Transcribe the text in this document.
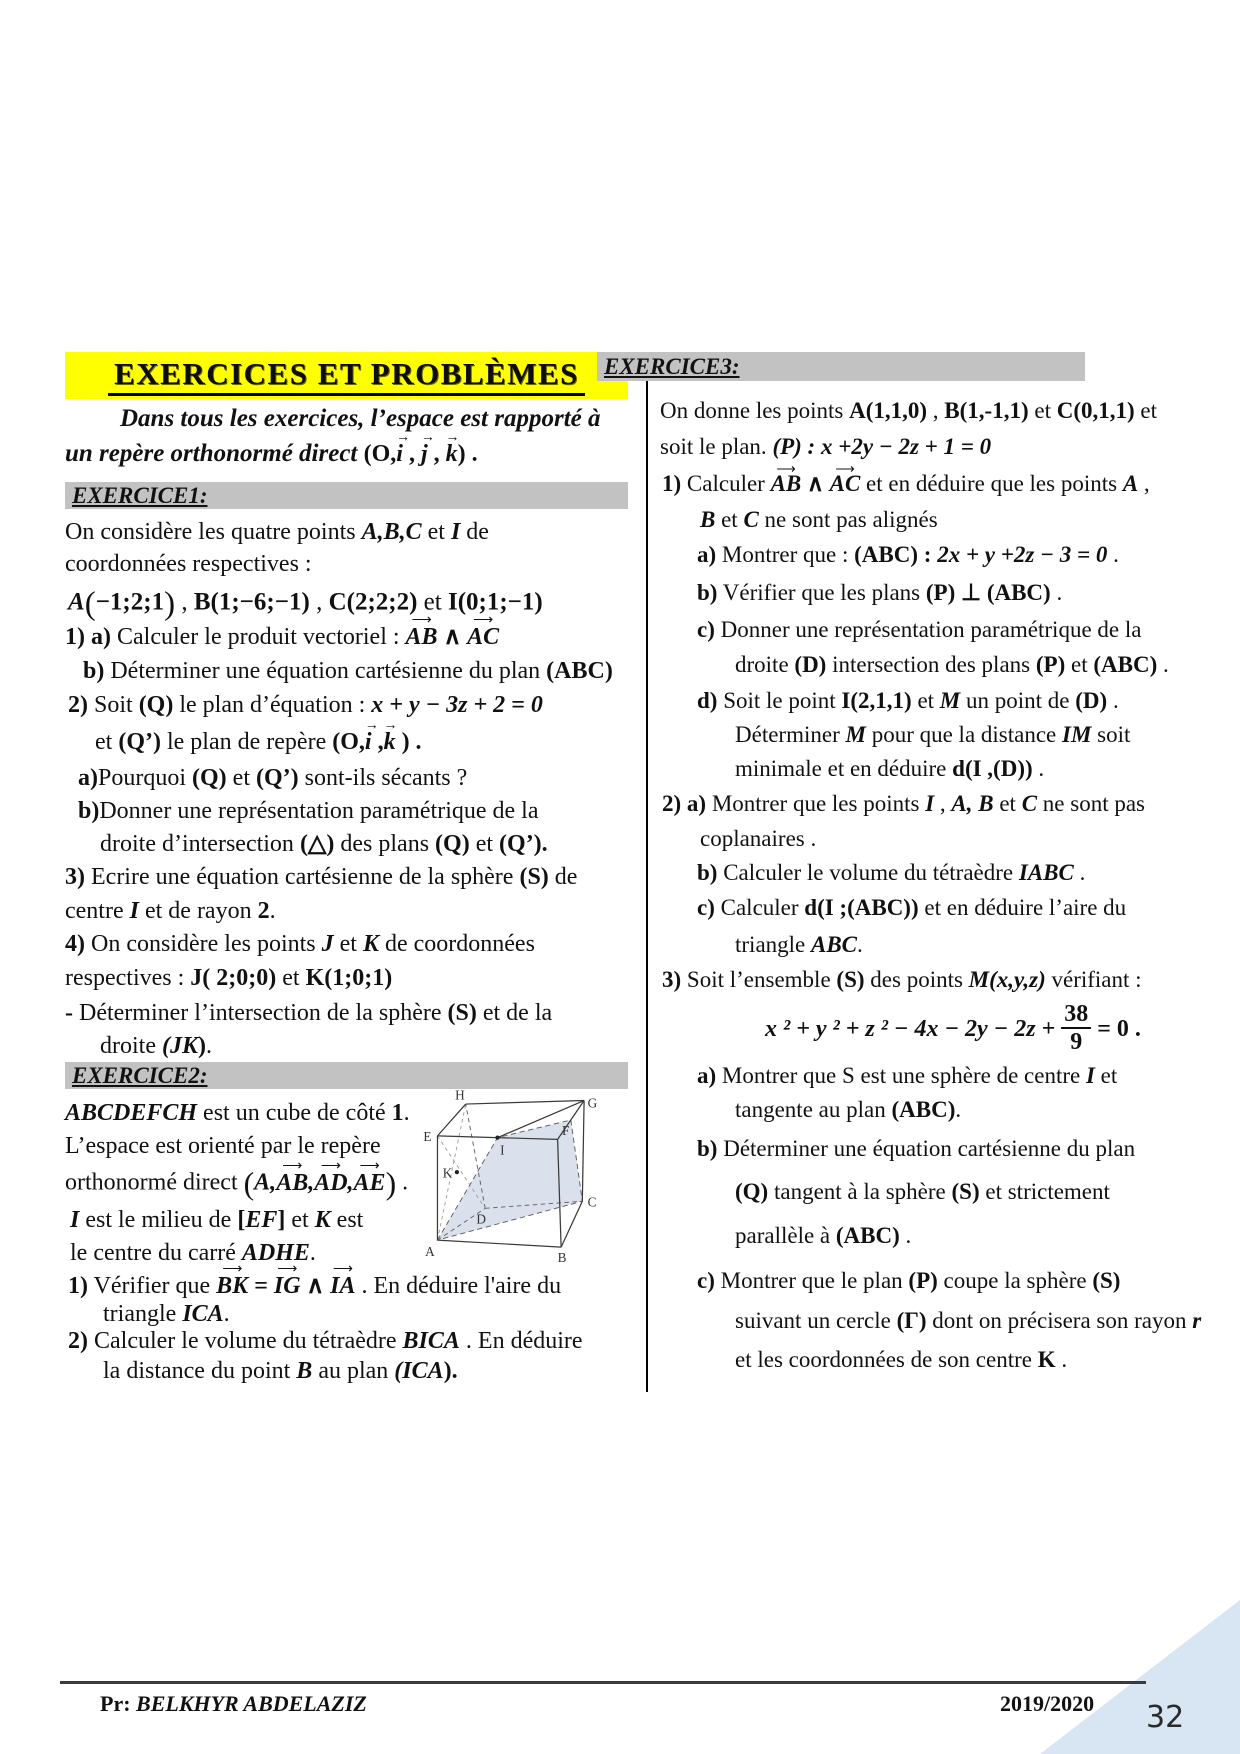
EXERCICES ET PROBLÈMES
Dans tous les exercices, l’espace est rapporté à
un repère orthonormé direct (O,i → , j → , k →) .
EXERCICE1:
On considère les quatre points A,B,C et I de
coordonnées respectives :
A(−1;2;1) , B(1;−6;−1) , C(2;2;2) et I(0;1;−1)
1) a) Calculer le produit vectoriel : AB ⟶ ∧ AC ⟶
b) Déterminer une équation cartésienne du plan (ABC)
2) Soit (Q) le plan d’équation : x + y − 3z + 2 = 0
et (Q’) le plan de repère (O,i → ,k → ) .
a)Pourquoi (Q) et (Q’) sont-ils sécants ?
b)Donner une représentation paramétrique de la
droite d’intersection (△) des plans (Q) et (Q’).
3) Ecrire une équation cartésienne de la sphère (S) de
centre I et de rayon 2.
4) On considère les points J et K de coordonnées
respectives : J( 2;0;0) et K(1;0;1)
- Déterminer l’intersection de la sphère (S) et de la
droite (JK).
EXERCICE2:
ABCDEFCH est un cube de côté 1.
L’espace est orienté par le repère
orthonormé direct (A,AB ⟶,AD ⟶,AE ⟶) .
I est le milieu de [EF] et K est
le centre du carré ADHE.
1) Vérifier que BK ⟶ = IG ⟶ ∧ IA ⟶ . En déduire l'aire du
triangle ICA.
2) Calculer le volume du tétraèdre BICA . En déduire
la distance du point B au plan (ICA).
A	B
C
D
E	F
G
H
I
K
EXERCICE3:
On donne les points A(1,1,0) , B(1,-1,1) et C(0,1,1) et
soit le plan. (P) : x +2y − 2z + 1 = 0
1) Calculer AB ⟶ ∧ AC ⟶ et en déduire que les points A ,
B et C ne sont pas alignés
a) Montrer que : (ABC) : 2x + y +2z − 3 = 0 .
b) Vérifier que les plans (P) ⊥ (ABC) .
c) Donner une représentation paramétrique de la
droite (D) intersection des plans (P) et (ABC) .
d) Soit le point I(2,1,1) et M un point de (D) .
Déterminer M pour que la distance IM soit
minimale et en déduire d(I ,(D)) .
2) a) Montrer que les points I , A, B et C ne sont pas
coplanaires .
b) Calculer le volume du tétraèdre IABC .
c) Calculer d(I ;(ABC)) et en déduire l’aire du
triangle ABC.
3) Soit l’ensemble (S) des points M(x,y,z) vérifiant :
x ² + y ² + z $^2 - 4x - 2y - 2z + \frac{38}{9} = 0$ .
a) Montrer que S est une sphère de centre I et
tangente au plan (ABC).
b) Déterminer une équation cartésienne du plan
(Q) tangent à la sphère (S) et strictement
parallèle à (ABC) .
c) Montrer que le plan (P) coupe la sphère (S)
suivant un cercle (Γ) dont on précisera son rayon r
et les coordonnées de son centre K .
Pr: BELKHYR ABDELAZIZ	2019/2020 32
